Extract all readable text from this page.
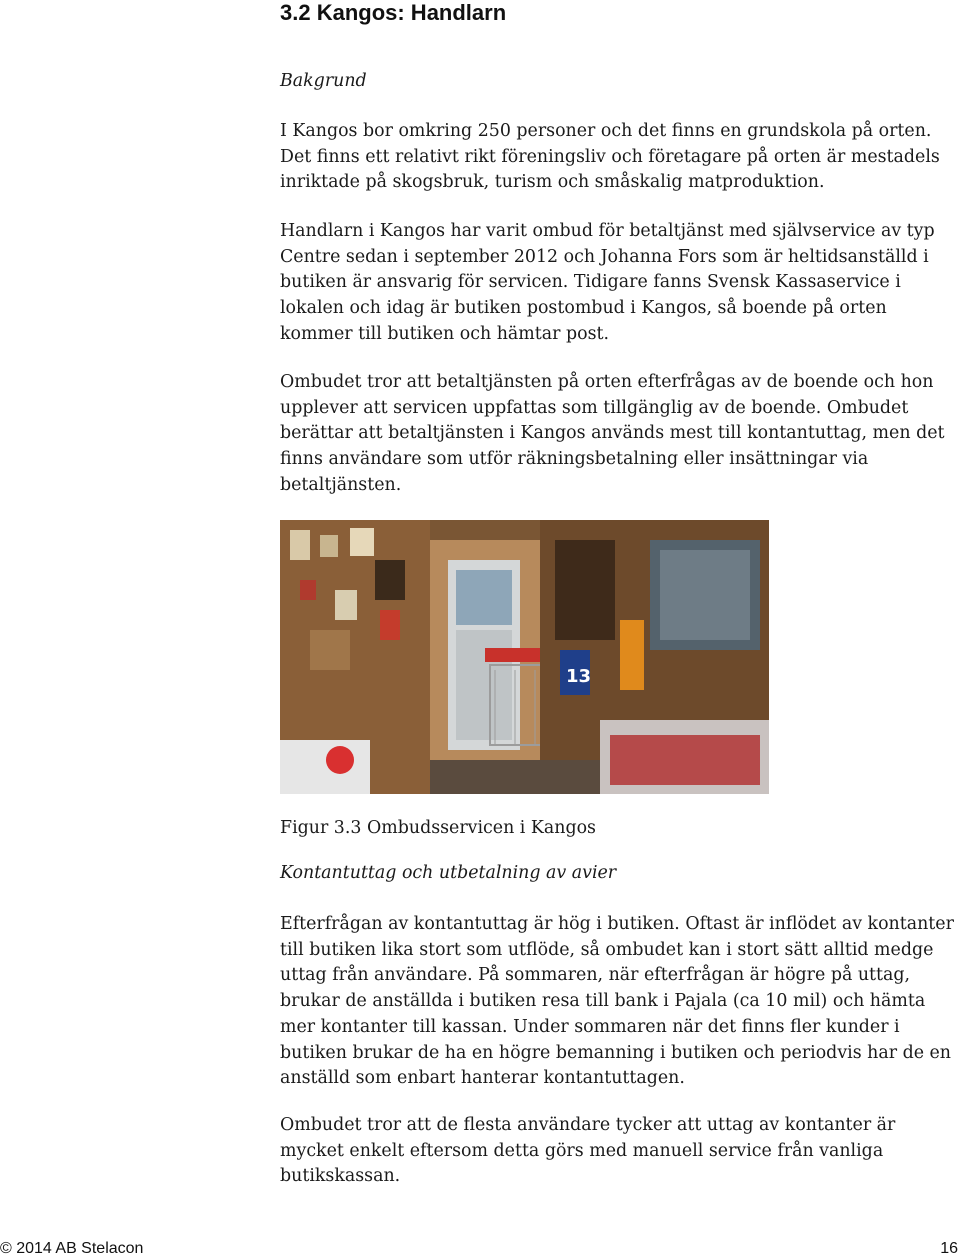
3.2 Kangos: Handlarn

Bakgrund

I Kangos bor omkring 250 personer och det finns en grundskola på orten. Det finns ett relativt rikt föreningsliv och företagare på orten är mestadels inriktade på skogsbruk, turism och småskalig matproduktion.

Handlarn i Kangos har varit ombud för betaltjänst med självservice av typ Centre sedan i september 2012 och Johanna Fors som är heltidsanställd i butiken är ansvarig för servicen. Tidigare fanns Svensk Kassaservice i lokalen och idag är butiken postombud i Kangos, så boende på orten kommer till butiken och hämtar post.

Ombudet tror att betaltjänsten på orten efterfrågas av de boende och hon upplever att servicen uppfattas som tillgänglig av de boende. Ombudet berättar att betaltjänsten i Kangos används mest till kontantuttag, men det finns användare som utför räkningsbetalning eller insättningar via betaltjänsten.

13

Figur 3.3 Ombudsservicen i Kangos

Kontantuttag och utbetalning av avier

Efterfrågan av kontantuttag är hög i butiken. Oftast är inflödet av kontanter till butiken lika stort som utflöde, så ombudet kan i stort sätt alltid medge uttag från användare. På sommaren, när efterfrågan är högre på uttag, brukar de anställda i butiken resa till bank i Pajala (ca 10 mil) och hämta mer kontanter till kassan. Under sommaren när det finns fler kunder i butiken brukar de ha en högre bemanning i butiken och periodvis har de en anställd som enbart hanterar kontantuttagen.

Ombudet tror att de flesta användare tycker att uttag av kontanter är mycket enkelt eftersom detta görs med manuell service från vanliga butikskassan.

© 2014 AB Stelacon	16
